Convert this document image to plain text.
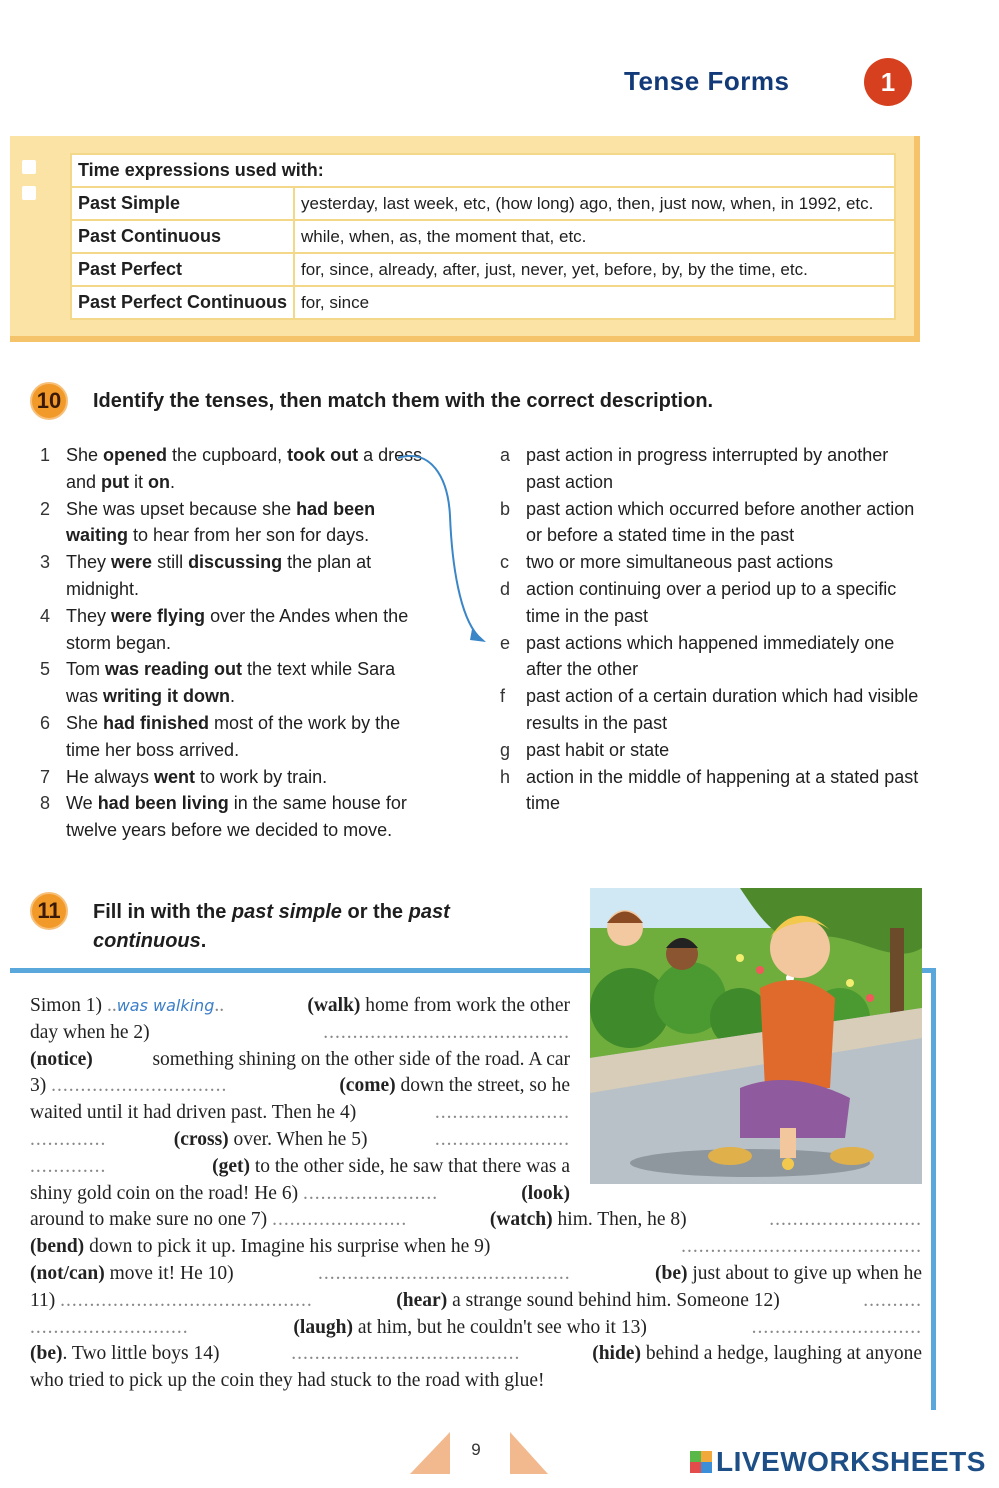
Tense Forms	1
Time expressions used with:	
Past Simple	yesterday, last week, etc, (how long) ago, then, just now, when, in 1992, etc.
Past Continuous	while, when, as, the moment that, etc.
Past Perfect	for, since, already, after, just, never, yet, before, by, by the time, etc.
Past Perfect Continuous	for, since
10	Identify the tenses, then match them with the correct description.
1 She opened the cupboard, took out a dress and put it on.
2 She was upset because she had been waiting to hear from her son for days.
3 They were still discussing the plan at midnight.
4 They were flying over the Andes when the storm began.
5 Tom was reading out the text while Sara was writing it down.
6 She had finished most of the work by the time her boss arrived.
7 He always went to work by train.
8 We had been living in the same house for twelve years before we decided to move.
a past action in progress interrupted by another past action
b past action which occurred before another action or before a stated time in the past
c two or more simultaneous past actions
d action continuing over a period up to a specific time in the past
e past actions which happened immediately one after the other
f	past action of a certain duration which had visible results in the past
g past habit or state
h action in the middle of happening at a stated past time
11	Fill in with the past simple or the past
continuous.
Simon 1) ..was walking..	(walk) home from work the other
day when he 2)	..........................................
(notice)	something shining on the other side of the road. A car
3) ..............................	(come) down the street, so he
waited until it had driven past. Then he 4)	.......................
.............	(cross) over. When he 5)	.......................
.............	(get) to the other side, he saw that there was a
shiny gold coin on the road! He 6) .......................	(look)
around to make sure no one 7) .......................	(watch) him. Then, he 8)	..........................
(bend) down to pick it up. Imagine his surprise when he 9)	.........................................
(not/can) move it! He 10)	...........................................	(be) just about to give up when he
11) ...........................................	(hear) a strange sound behind him. Someone 12)	..........
...........................	(laugh) at him, but he couldn't see who it 13)	.............................
(be). Two little boys 14)	.......................................	(hide) behind a hedge, laughing at anyone
who tried to pick up the coin they had stuck to the road with glue!
9	LIVEWORKSHEETS
